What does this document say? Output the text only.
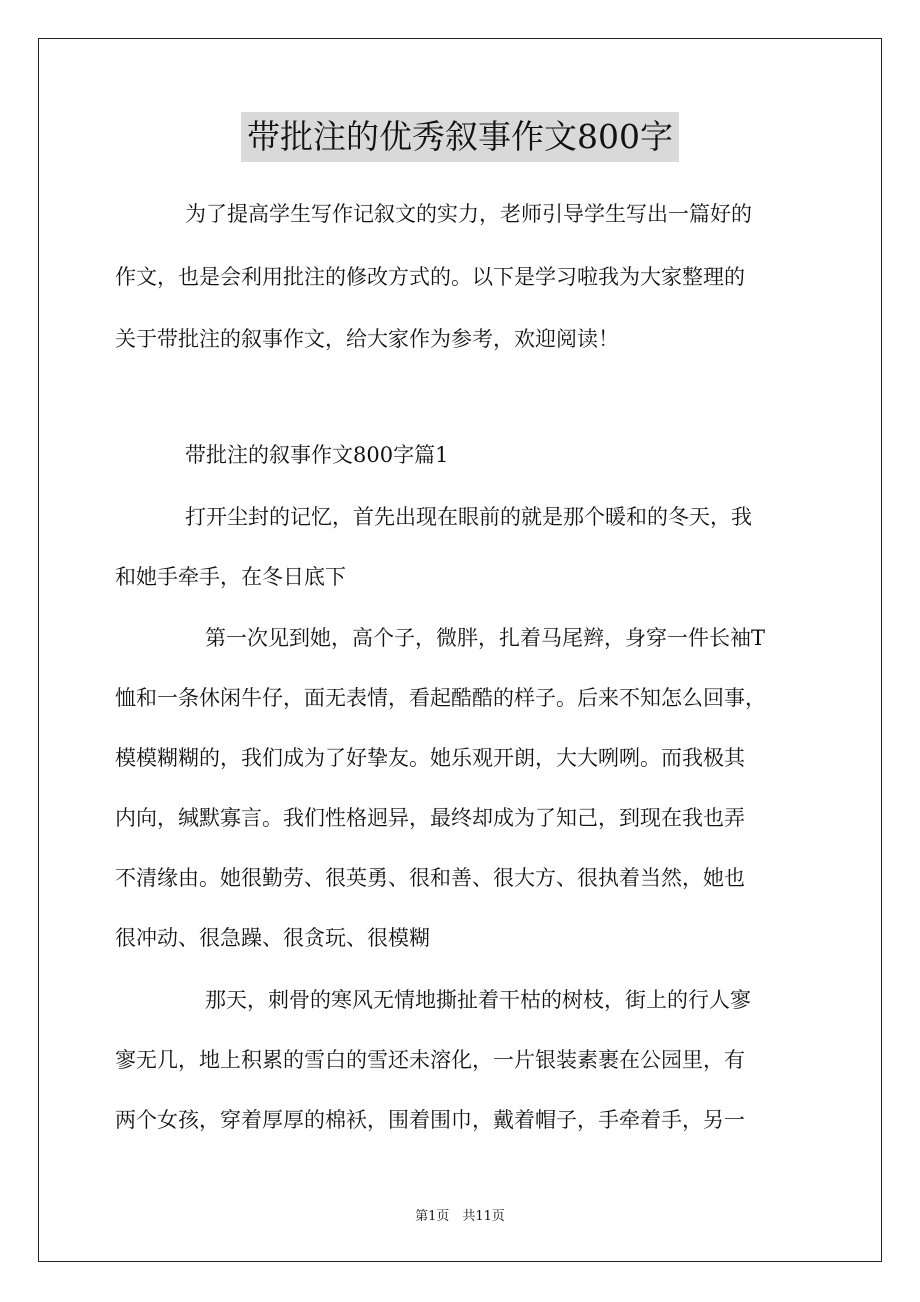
带批注的优秀叙事作文800字
为了提高学生写作记叙文的实力，老师引导学生写出一篇好的
作文，也是会利用批注的修改方式的。以下是学习啦我为大家整理的
关于带批注的叙事作文，给大家作为参考，欢迎阅读！
带批注的叙事作文800字篇1
打开尘封的记忆，首先出现在眼前的就是那个暖和的冬天，我
和她手牵手，在冬日底下
第一次见到她，高个子，微胖，扎着马尾辫，身穿一件长袖T
恤和一条休闲牛仔，面无表情，看起酷酷的样子。后来不知怎么回事，
模模糊糊的，我们成为了好挚友。她乐观开朗，大大咧咧。而我极其
内向，缄默寡言。我们性格迥异，最终却成为了知己，到现在我也弄
不清缘由。她很勤劳、很英勇、很和善、很大方、很执着当然，她也
很冲动、很急躁、很贪玩、很模糊
那天，刺骨的寒风无情地撕扯着干枯的树枝，街上的行人寥
寥无几，地上积累的雪白的雪还未溶化，一片银装素裹在公园里，有
两个女孩，穿着厚厚的棉袄，围着围巾，戴着帽子，手牵着手，另一
第1页　共11页
